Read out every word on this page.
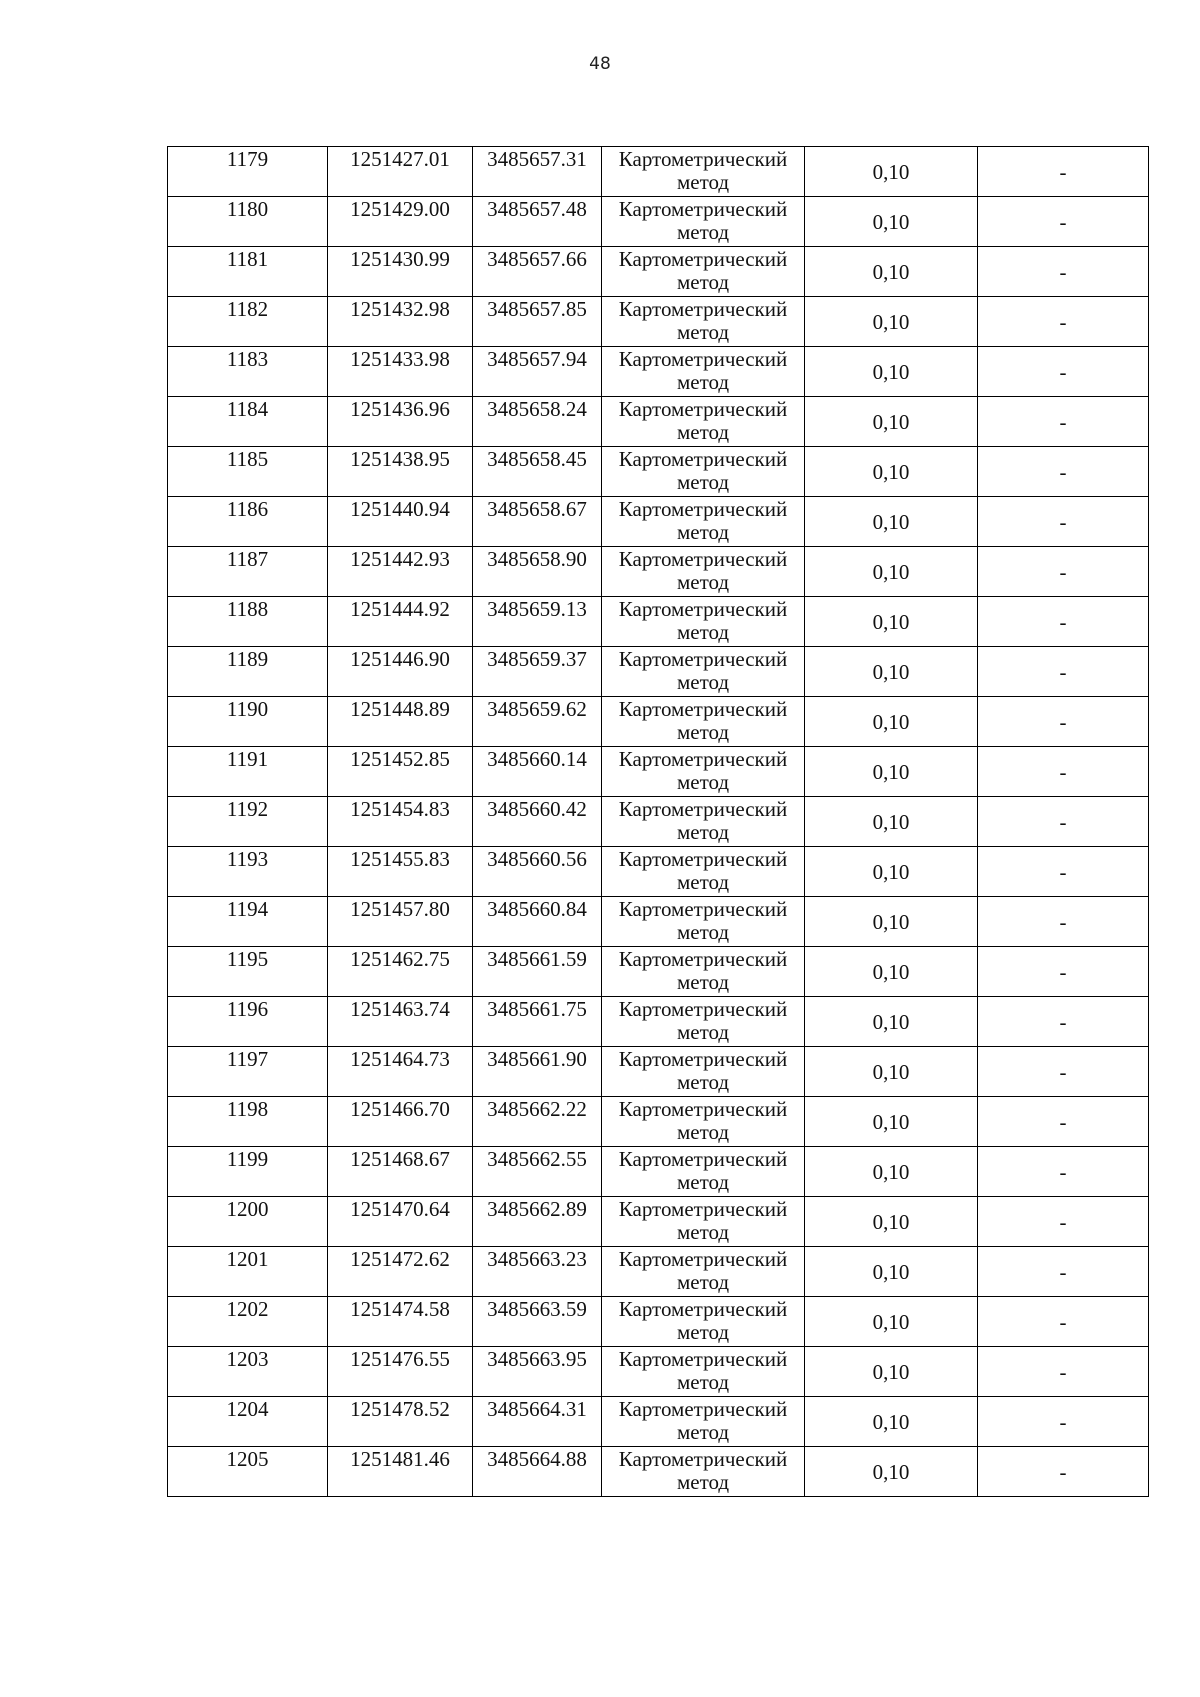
48
1179	1251427.01	3485657.31	Картометрический
метод	0,10	-
1180	1251429.00	3485657.48	Картометрический
метод	0,10	-
1181	1251430.99	3485657.66	Картометрический
метод	0,10	-
1182	1251432.98	3485657.85	Картометрический
метод	0,10	-
1183	1251433.98	3485657.94	Картометрический
метод	0,10	-
1184	1251436.96	3485658.24	Картометрический
метод	0,10	-
1185	1251438.95	3485658.45	Картометрический
метод	0,10	-
1186	1251440.94	3485658.67	Картометрический
метод	0,10	-
1187	1251442.93	3485658.90	Картометрический
метод	0,10	-
1188	1251444.92	3485659.13	Картометрический
метод	0,10	-
1189	1251446.90	3485659.37	Картометрический
метод	0,10	-
1190	1251448.89	3485659.62	Картометрический
метод	0,10	-
1191	1251452.85	3485660.14	Картометрический
метод	0,10	-
1192	1251454.83	3485660.42	Картометрический
метод	0,10	-
1193	1251455.83	3485660.56	Картометрический
метод	0,10	-
1194	1251457.80	3485660.84	Картометрический
метод	0,10	-
1195	1251462.75	3485661.59	Картометрический
метод	0,10	-
1196	1251463.74	3485661.75	Картометрический
метод	0,10	-
1197	1251464.73	3485661.90	Картометрический
метод	0,10	-
1198	1251466.70	3485662.22	Картометрический
метод	0,10	-
1199	1251468.67	3485662.55	Картометрический
метод	0,10	-
1200	1251470.64	3485662.89	Картометрический
метод	0,10	-
1201	1251472.62	3485663.23	Картометрический
метод	0,10	-
1202	1251474.58	3485663.59	Картометрический
метод	0,10	-
1203	1251476.55	3485663.95	Картометрический
метод	0,10	-
1204	1251478.52	3485664.31	Картометрический
метод	0,10	-
1205	1251481.46	3485664.88	Картометрический
метод	0,10	-
